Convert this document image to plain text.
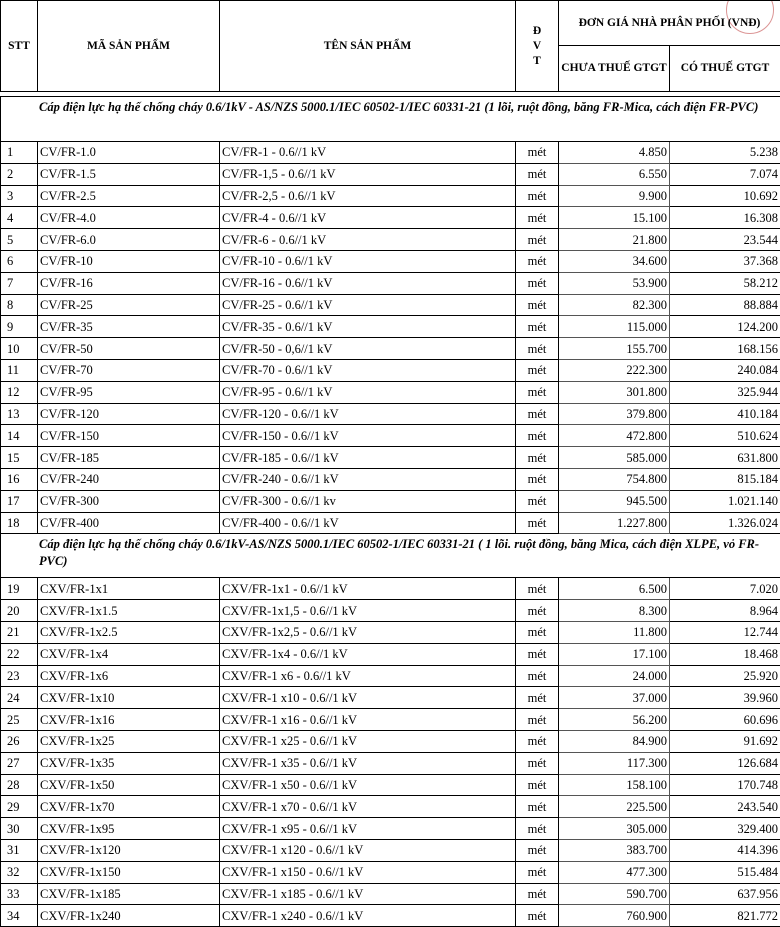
STT	MÃ SẢN PHẨM	TÊN SẢN PHẨM	Đ
V
T	ĐƠN GIÁ NHÀ PHÂN PHỐI (VNĐ)	
				CHƯA THUẾ GTGT	CÓ THUẾ GTGT

Cáp điện lực hạ thế chống cháy 0.6/1kV - AS/NZS 5000.1/IEC 60502-1/IEC 60331-21 (1 lõi, ruột đồng, băng FR-Mica, cách điện FR-PVC)					
1	CV/FR-1.0	CV/FR-1 - 0.6//1 kV	mét	4.850	5.238
2	CV/FR-1.5	CV/FR-1,5 - 0.6//1 kV	mét	6.550	7.074
3	CV/FR-2.5	CV/FR-2,5 - 0.6//1 kV	mét	9.900	10.692
4	CV/FR-4.0	CV/FR-4 - 0.6//1 kV	mét	15.100	16.308
5	CV/FR-6.0	CV/FR-6 - 0.6//1 kV	mét	21.800	23.544
6	CV/FR-10	CV/FR-10 - 0.6//1 kV	mét	34.600	37.368
7	CV/FR-16	CV/FR-16 - 0.6//1 kV	mét	53.900	58.212
8	CV/FR-25	CV/FR-25 - 0.6//1 kV	mét	82.300	88.884
9	CV/FR-35	CV/FR-35 - 0.6//1 kV	mét	115.000	124.200
10	CV/FR-50	CV/FR-50 - 0,6//1 kV	mét	155.700	168.156
11	CV/FR-70	CV/FR-70 - 0.6//1 kV	mét	222.300	240.084
12	CV/FR-95	CV/FR-95 - 0.6//1 kV	mét	301.800	325.944
13	CV/FR-120	CV/FR-120 - 0.6//1 kV	mét	379.800	410.184
14	CV/FR-150	CV/FR-150 - 0.6//1 kV	mét	472.800	510.624
15	CV/FR-185	CV/FR-185 - 0.6//1 kV	mét	585.000	631.800
16	CV/FR-240	CV/FR-240 - 0.6//1 kV	mét	754.800	815.184
17	CV/FR-300	CV/FR-300 - 0.6//1 kv	mét	945.500	1.021.140
18	CV/FR-400	CV/FR-400 - 0.6//1 kV	mét	1.227.800	1.326.024
Cáp điện lực hạ thế chống cháy 0.6/1kV-AS/NZS 5000.1/IEC 60502-1/IEC 60331-21 ( 1 lõi. ruột đồng, băng Mica, cách điện XLPE, vỏ FR-PVC)					
19	CXV/FR-1x1	CXV/FR-1x1 - 0.6//1 kV	mét	6.500	7.020
20	CXV/FR-1x1.5	CXV/FR-1x1,5 - 0.6//1 kV	mét	8.300	8.964
21	CXV/FR-1x2.5	CXV/FR-1x2,5 - 0.6//1 kV	mét	11.800	12.744
22	CXV/FR-1x4	CXV/FR-1x4 - 0.6//1 kV	mét	17.100	18.468
23	CXV/FR-1x6	CXV/FR-1 x6 - 0.6//1 kV	mét	24.000	25.920
24	CXV/FR-1x10	CXV/FR-1 x10 - 0.6//1 kV	mét	37.000	39.960
25	CXV/FR-1x16	CXV/FR-1 x16 - 0.6//1 kV	mét	56.200	60.696
26	CXV/FR-1x25	CXV/FR-1 x25 - 0.6//1 kV	mét	84.900	91.692
27	CXV/FR-1x35	CXV/FR-1 x35 - 0.6//1 kV	mét	117.300	126.684
28	CXV/FR-1x50	CXV/FR-1 x50 - 0.6//1 kV	mét	158.100	170.748
29	CXV/FR-1x70	CXV/FR-1 x70 - 0.6//1 kV	mét	225.500	243.540
30	CXV/FR-1x95	CXV/FR-1 x95 - 0.6//1 kV	mét	305.000	329.400
31	CXV/FR-1x120	CXV/FR-1 x120 - 0.6//1 kV	mét	383.700	414.396
32	CXV/FR-1x150	CXV/FR-1 x150 - 0.6//1 kV	mét	477.300	515.484
33	CXV/FR-1x185	CXV/FR-1 x185 - 0.6//1 kV	mét	590.700	637.956
34	CXV/FR-1x240	CXV/FR-1 x240 - 0.6//1 kV	mét	760.900	821.772
